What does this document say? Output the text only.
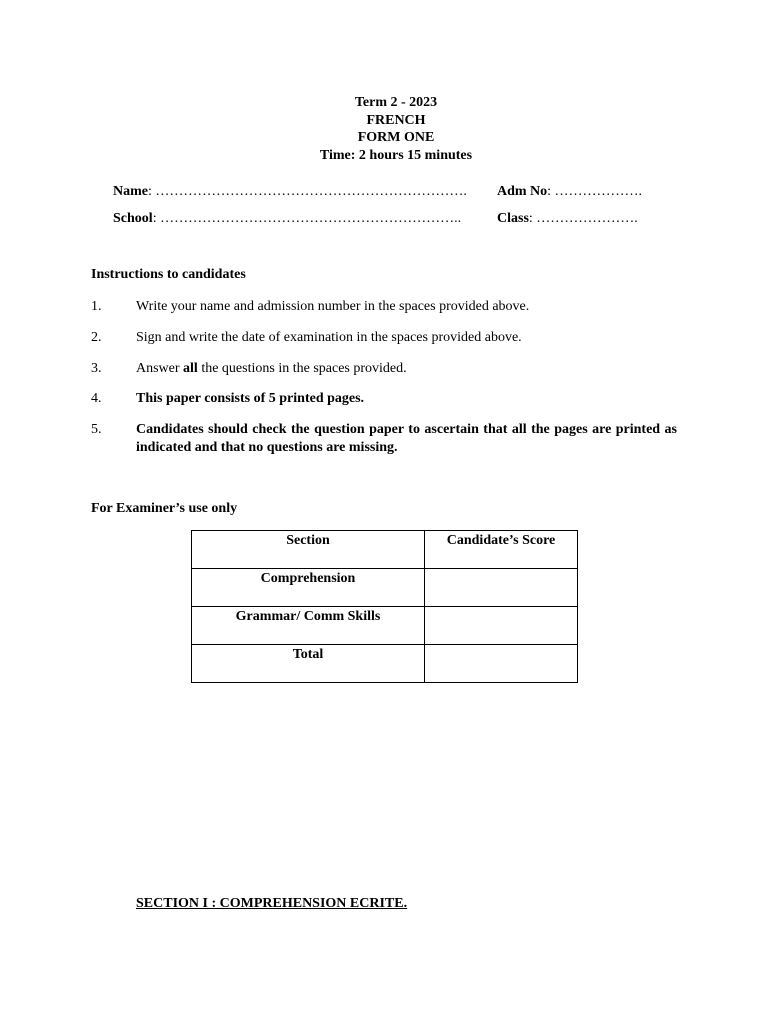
Term 2 - 2023
FRENCH
FORM ONE
Time: 2 hours 15 minutes
Name: …………………………………………………………. Adm No: ……………….
School: ………………………………………………………..	Class: ………………….
Instructions to candidates
1. Write your name and admission number in the spaces provided above.
2. Sign and write the date of examination in the spaces provided above.
3. Answer all the questions in the spaces provided.
4. This paper consists of 5 printed pages.
5. Candidates should check the question paper to ascertain that all the pages are printed as indicated and that no questions are missing.
For Examiner’s use only
Section	Candidate’s Score
Comprehension	
Grammar/ Comm Skills	
Total	
SECTION I : COMPREHENSION ECRITE.
